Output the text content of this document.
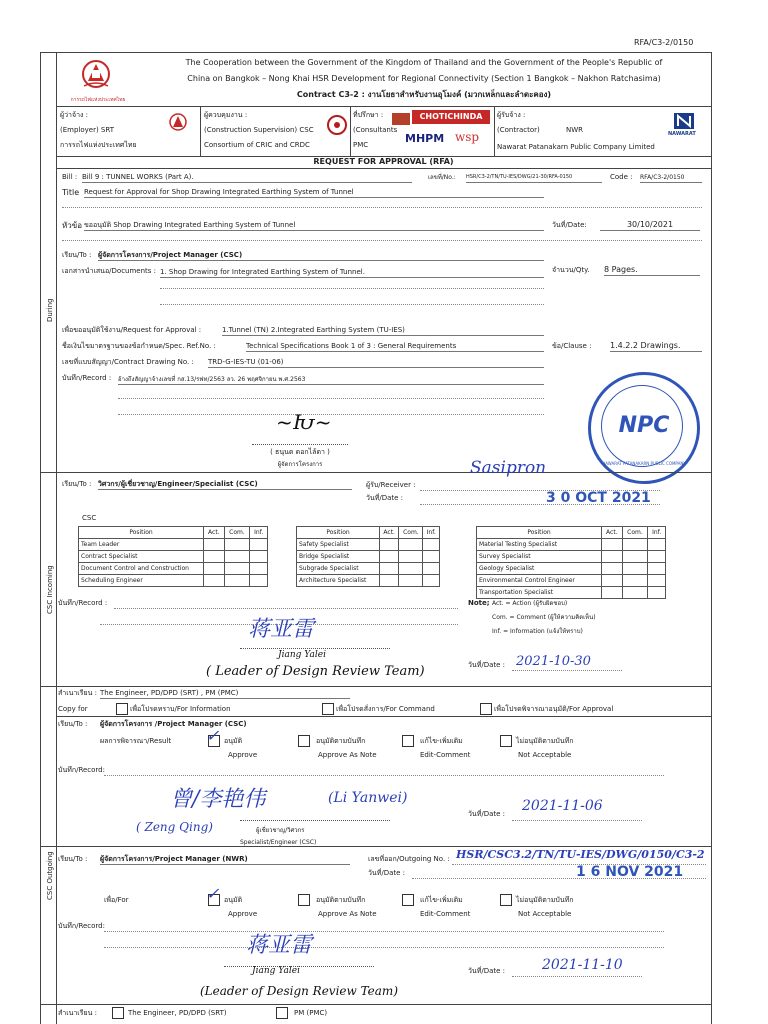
RFA/C3-2/0150
การรถไฟแห่งประเทศไทย
The Cooperation between the Government of the Kingdom of Thailand and the Government of the People's Republic of
China on Bangkok – Nong Khai HSR Development for Regional Connectivity (Section 1 Bangkok – Nakhon Ratchasima)
Contract C3-2 : งานโยธาสำหรับงานอุโมงค์ (มวกเหล็กและลำตะคอง)
ผู้ว่าจ้าง :
(Employer) SRT
การรถไฟแห่งประเทศไทย
ผู้ควบคุมงาน :
(Construction Supervision) CSC
Consortium of CRIC and CRDC
ที่ปรึกษา :
(Consultants
PMC
CHOTICHINDA
MHPM wsp
ผู้รับจ้าง :
(Contractor)	NWR
Nawarat Patanakarn Public Company Limited
NAWARAT
REQUEST FOR APPROVAL (RFA)
During
Bill : Bill 9 : TUNNEL WORKS (Part A).	เลขที่/No.: HSR/C3-2/TN/TU-IES/DWG/21-30/RFA-0150	Code : RFA/C3-2/0150
Title Request for Approval for Shop Drawing Integrated Earthing System of Tunnel
หัวข้อ ขออนุมัติ Shop Drawing Integrated Earthing System of Tunnel	วันที่/Date:	30/10/2021
เรียน/To : ผู้จัดการโครงการ/Project Manager (CSC)
เอกสารนำเสนอ/Documents : 1. Shop Drawing for Integrated Earthing System of Tunnel.	จำนวน/Qty. 8 Pages.
เพื่อขออนุมัติใช้งาน/Request for Approval :	1.Tunnel (TN) 2.Integrated Earthing System (TU-IES)
ชื่อเงินไขมาตรฐานของข้อกำหนด/Spec. Ref.No. :	Technical Specifications Book 1 of 3 : General Requirements	ข้อ/Clause : 1.4.2.2 Drawings.
เลขที่แบบสัญญา/Contract Drawing No. : TRD-G-IES-TU (01-06)
บันทึก/Record : อ้างถึงสัญญาจ้างเลขที่ กส.13/รฟท/2563 ลว. 26 พฤศจิกายน พ.ศ.2563
~Խ~
( ธนุนต ดอกไล้ดา )
ผู้จัดการโครงการ
NPC
NAWARAT PATANAKARN PUBLIC COMPANY
CSC Incoming
เรียน/To : วิศวกร/ผู้เชี่ยวชาญ/Engineer/Specialist (CSC)	ผู้รับ/Receiver :
Sasipron
วันที่/Date :	3 0 OCT 2021
CSC
Position	Act.	Com.	Inf.
Team Leader			
Contract Specialist			
Document Control and Construction			
Scheduling Engineer			
Position	Act.	Com.	Inf.
Safety Specialist			
Bridge Specialist			
Subgrade Specialist			
Architecture Specialist			
Position	Act.	Com.	Inf.
Material Testing Specialist			
Survey Specialist			
Geology Specialist			
Environmental Control Engineer			
Transportation Specialist			
บันทึก/Record :	Note; Act. = Action (ผู้รับผิดชอบ)
Com. = Comment (ผู้ให้ความคิดเห็น)
Inf. = Information (แจ้งให้ทราบ)
蒋亚雷
Jiang Yalei
( Leader of Design Review Team)	วันที่/Date : 2021-10-30
สำเนาเรียน : The Engineer, PD/DPD (SRT) , PM (PMC)
Copy for	เพื่อโปรดทราบ/For Information	เพื่อโปรดสั่งการ/For Command	เพื่อโปรดพิจารณาอนุมัติ/For Approval
เรียน/To : ผู้จัดการโครงการ /Project Manager (CSC)
ผลการพิจารณา/Result ✓ อนุมัติ
Approve
อนุมัติตามบันทึก
Approve As Note
แก้ไข-เพิ่มเติม
Edit-Comment
ไม่อนุมัติตามบันทึก
Not Acceptable
บันทึก/Record:
曾/李艳伟	(Li Yanwei)
( Zeng Qing)	ผู้เชี่ยวชาญ/วิศวกร
Specialist/Engineer (CSC)
วันที่/Date : 2021-11-06
CSC Outgoing เรียน/To : ผู้จัดการโครงการ/Project Manager (NWR)	เลขที่ออก/Outgoing No. : HSR/CSC3.2/TN/TU-IES/DWG/0150/C3-2
วันที่/Date :	1 6 NOV 2021
เพื่อ/For	✓ อนุมัติ
Approve
อนุมัติตามบันทึก
Approve As Note
แก้ไข-เพิ่มเติม
Edit-Comment
ไม่อนุมัติตามบันทึก
Not Acceptable
บันทึก/Record:
蒋亚雷
Jiang Yalei
(Leader of Design Review Team)
วันที่/Date :	2021-11-10
สำเนาเรียน :	The Engineer, PD/DPD (SRT)	PM (PMC)
